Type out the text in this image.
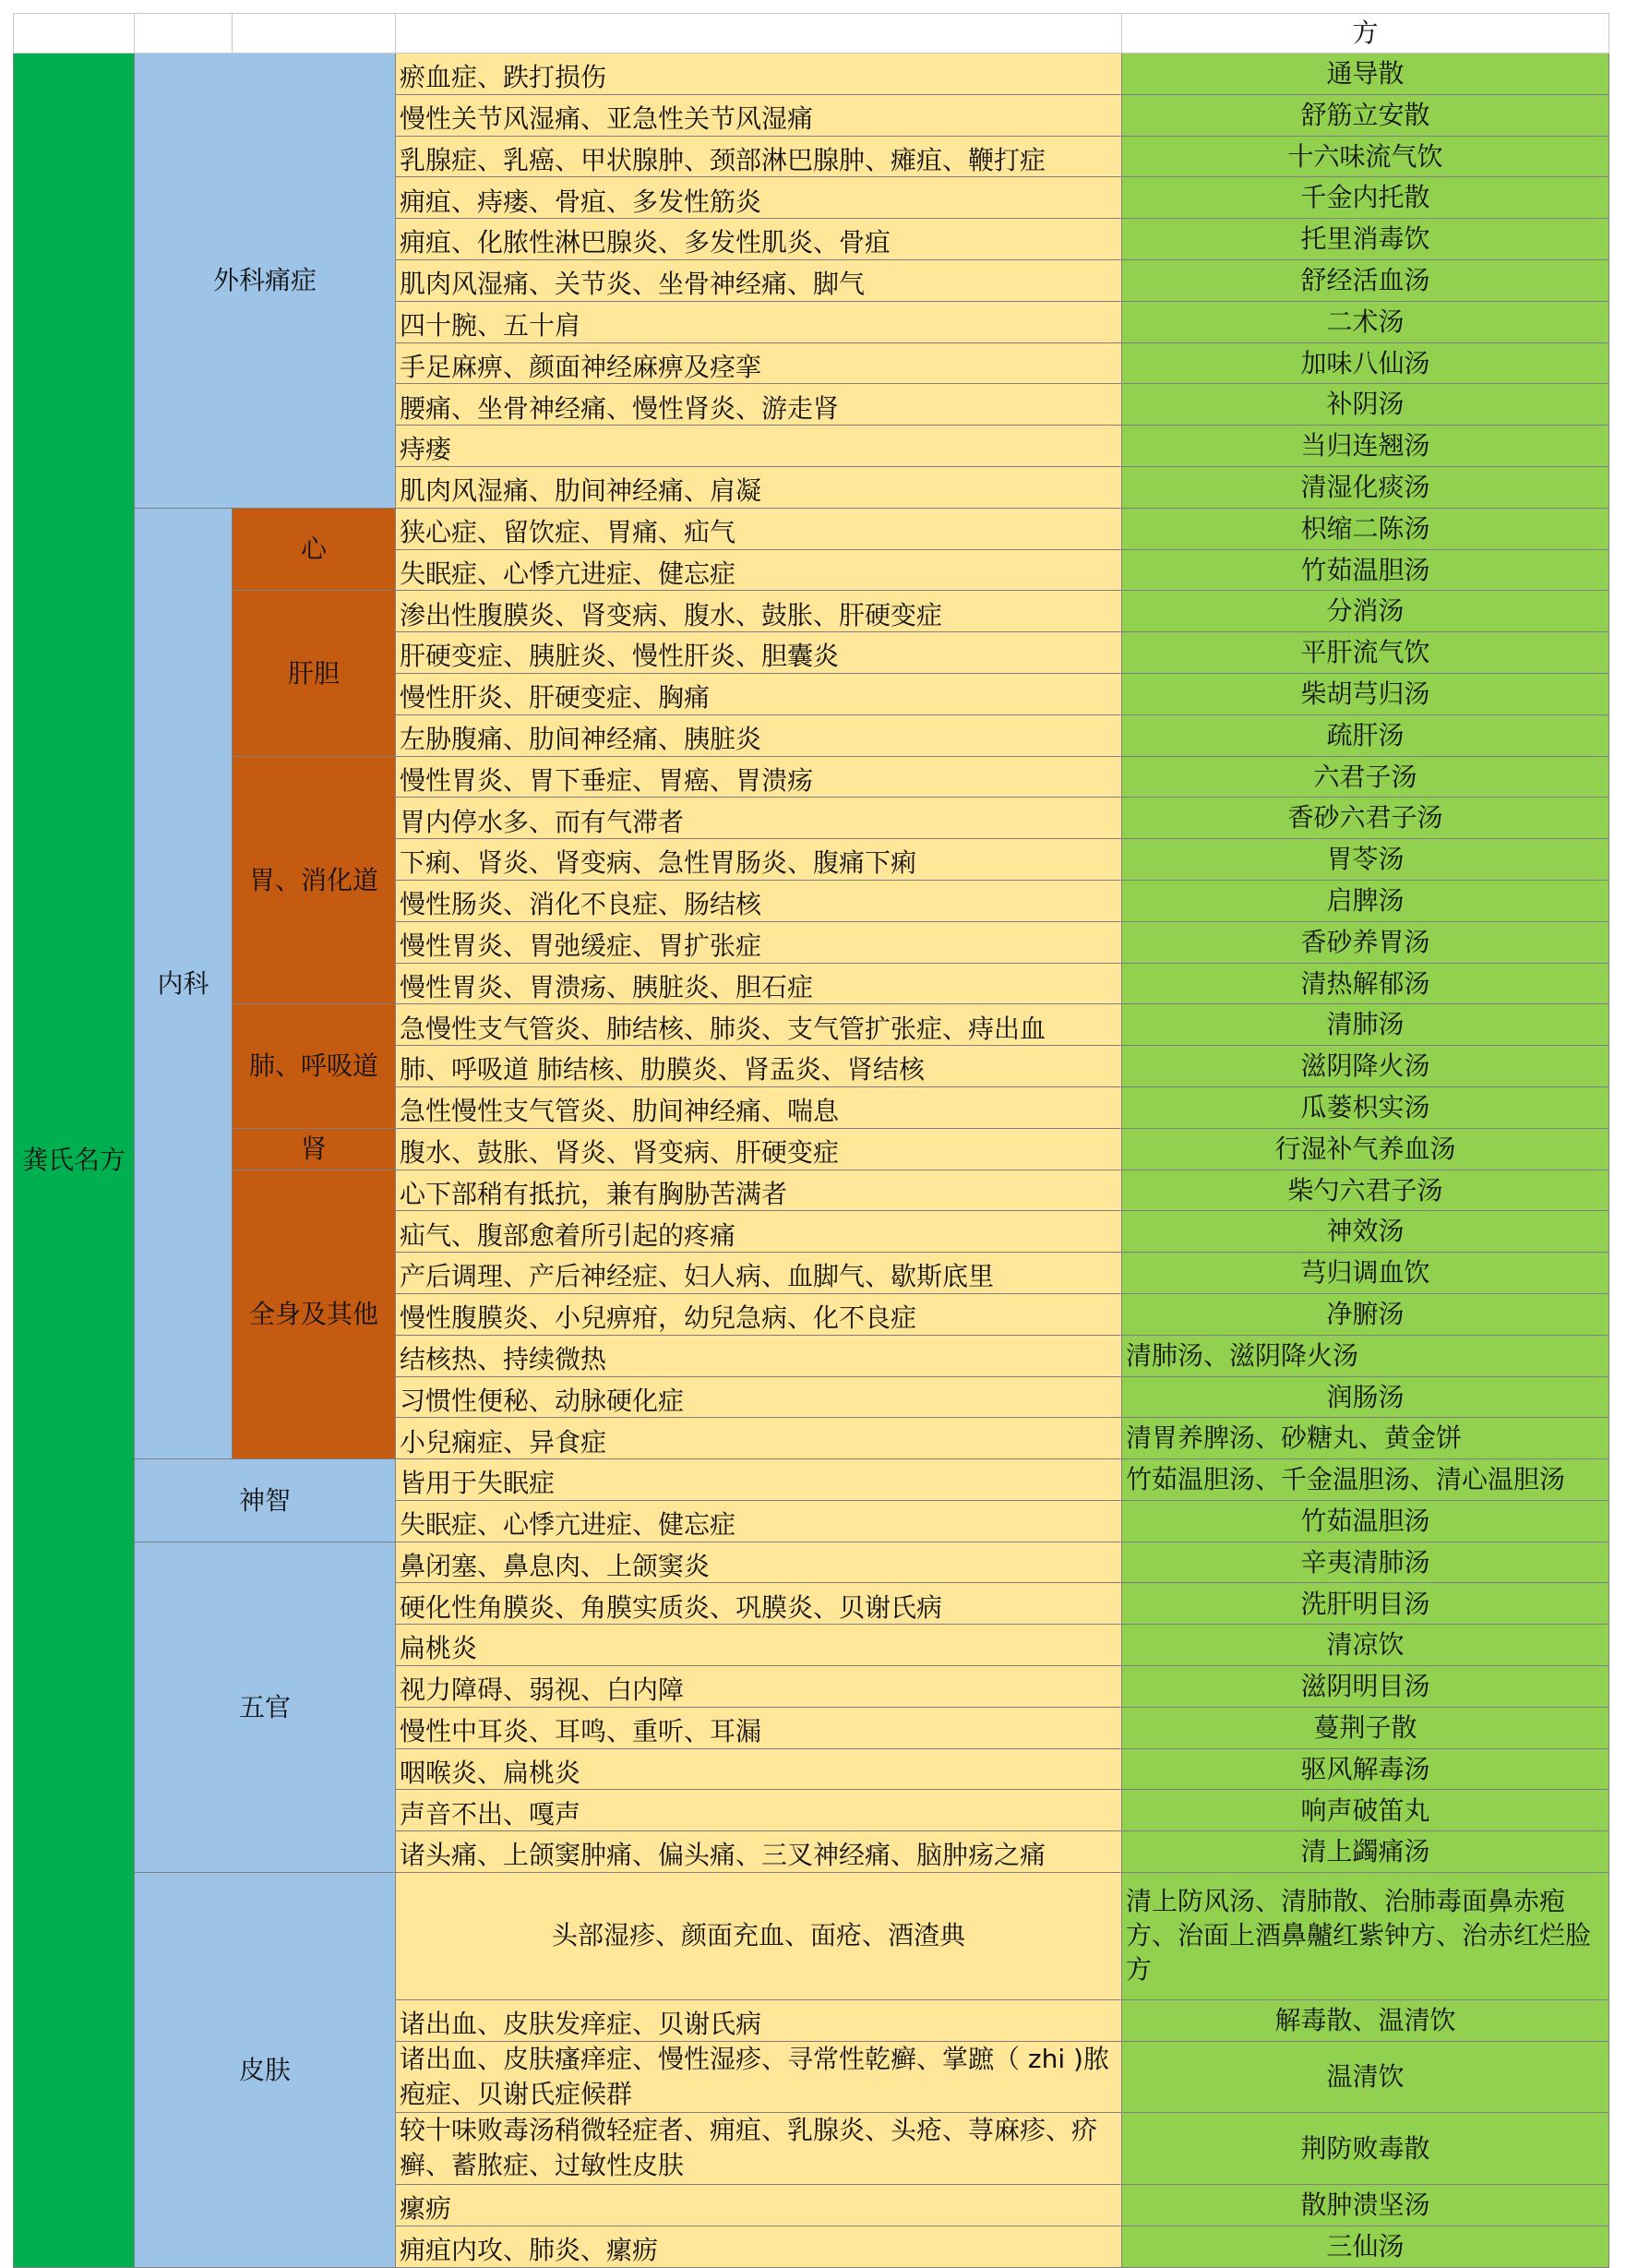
				方
龚氏名方	外科痛症		瘀血症、跌打损伤	通导散
			慢性关节风湿痛、亚急性关节风湿痛	舒筋立安散
			乳腺症、乳癌、甲状腺肿、颈部淋巴腺肿、瘫疽、鞭打症	十六味流气饮
			痈疽、痔瘘、骨疽、多发性筋炎	千金内托散
			痈疽、化脓性淋巴腺炎、多发性肌炎、骨疽	托里消毒饮
			肌肉风湿痛、关节炎、坐骨神经痛、脚气	舒经活血汤
			四十腕、五十肩	二术汤
			手足麻痹、颜面神经麻痹及痉挛	加味八仙汤
			腰痛、坐骨神经痛、慢性肾炎、游走肾	补阴汤
			痔瘘	当归连翘汤
			肌肉风湿痛、肋间神经痛、肩凝	清湿化痰汤
	内科	心	狭心症、留饮症、胃痛、疝气	枳缩二陈汤
			失眠症、心悸亢进症、健忘症	竹茹温胆汤
		肝胆	渗出性腹膜炎、肾变病、腹水、鼓胀、肝硬变症	分消汤
			肝硬变症、胰脏炎、慢性肝炎、胆囊炎	平肝流气饮
			慢性肝炎、肝硬变症、胸痛	柴胡芎归汤
			左胁腹痛、肋间神经痛、胰脏炎	疏肝汤
		胃、消化道	慢性胃炎、胃下垂症、胃癌、胃溃疡	六君子汤
			胃内停水多、而有气滞者	香砂六君子汤
			下痢、肾炎、肾变病、急性胃肠炎、腹痛下痢	胃苓汤
			慢性肠炎、消化不良症、肠结核	启脾汤
			慢性胃炎、胃弛缓症、胃扩张症	香砂养胃汤
			慢性胃炎、胃溃疡、胰脏炎、胆石症	清热解郁汤
		肺、呼吸道	急慢性支气管炎、肺结核、肺炎、支气管扩张症、痔出血	清肺汤
			肺、呼吸道 肺结核、肋膜炎、肾盂炎、肾结核	滋阴降火汤
			急性慢性支气管炎、肋间神经痛、喘息	瓜蒌枳实汤
		肾	腹水、鼓胀、肾炎、肾变病、肝硬变症	行湿补气养血汤
		全身及其他	心下部稍有抵抗，兼有胸胁苦满者	柴勺六君子汤
			疝气、腹部愈着所引起的疼痛	神效汤
			产后调理、产后神经症、妇人病、血脚气、歇斯底里	芎归调血饮
			慢性腹膜炎、小兒痹疳，幼兒急病、化不良症	净腑汤
			结核热、持续微热	清肺汤、滋阴降火汤
			习惯性便秘、动脉硬化症	润肠汤
			小兒痫症、异食症	清胃养脾汤、砂糖丸、黄金饼
	神智		皆用于失眠症	竹茹温胆汤、千金温胆汤、清心温胆汤
			失眠症、心悸亢进症、健忘症	竹茹温胆汤
	五官		鼻闭塞、鼻息肉、上颌窦炎	辛夷清肺汤
			硬化性角膜炎、角膜实质炎、巩膜炎、贝谢氏病	洗肝明目汤
			扁桃炎	清凉饮
			视力障碍、弱视、白内障	滋阴明目汤
			慢性中耳炎、耳鸣、重听、耳漏	蔓荆子散
			咽喉炎、扁桃炎	驱风解毒汤
			声音不出、嘎声	响声破笛丸
			诸头痛、上颌窦肿痛、偏头痛、三叉神经痛、脑肿疡之痛	清上蠲痛汤
	皮肤		头部湿疹、颜面充血、面疮、酒渣典	清上防风汤、清肺散、治肺毒面鼻赤疱方、治面上酒鼻齇红紫钟方、治赤红烂脸方
			诸出血、皮肤发痒症、贝谢氏病	解毒散、温清饮
			诸出血、皮肤瘙痒症、慢性湿疹、寻常性乾癣、掌蹠（ zhi )脓疱症、贝谢氏症候群	温清饮
			较十味败毒汤稍微轻症者、痈疽、乳腺炎、头疮、荨麻疹、疥癣、蓄脓症、过敏性皮肤	荆防败毒散
			瘰疬	散肿溃坚汤
			痈疽内攻、肺炎、瘰疬	三仙汤
